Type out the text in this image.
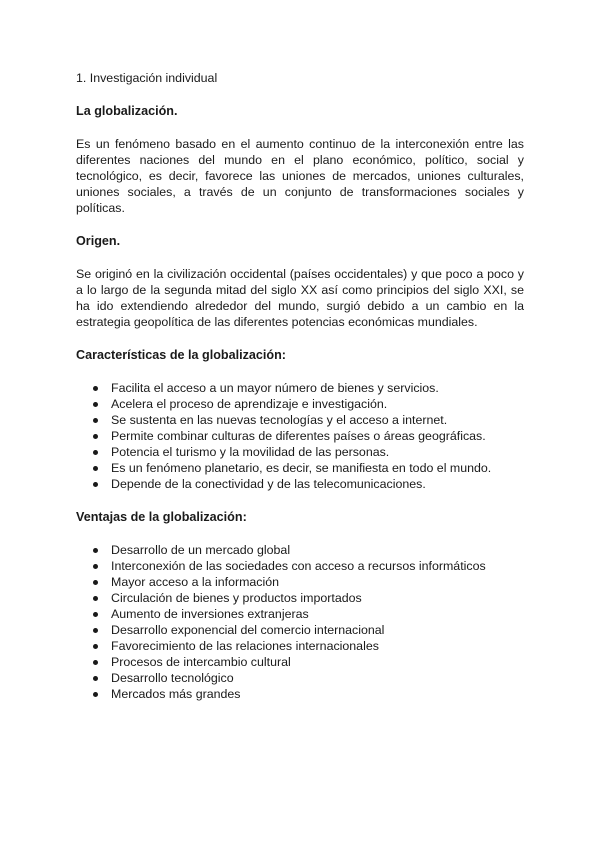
1. Investigación individual

La globalización.

Es un fenómeno basado en el aumento continuo de la interconexión entre las diferentes naciones del mundo en el plano económico, político, social y tecnológico, es decir, favorece las uniones de mercados, uniones culturales, uniones sociales, a través de un conjunto de transformaciones sociales y políticas.

Origen.

Se originó en la civilización occidental (países occidentales) y que poco a poco y a lo largo de la segunda mitad del siglo XX así como principios del siglo XXI, se ha ido extendiendo alrededor del mundo, surgió debido a un cambio en la estrategia geopolítica de las diferentes potencias económicas mundiales.

Características de la globalización:
Facilita el acceso a un mayor número de bienes y servicios.
Acelera el proceso de aprendizaje e investigación.
Se sustenta en las nuevas tecnologías y el acceso a internet.
Permite combinar culturas de diferentes países o áreas geográficas.
Potencia el turismo y la movilidad de las personas.
Es un fenómeno planetario, es decir, se manifiesta en todo el mundo.
Depende de la conectividad y de las telecomunicaciones.
Ventajas de la globalización:
Desarrollo de un mercado global
Interconexión de las sociedades con acceso a recursos informáticos
Mayor acceso a la información
Circulación de bienes y productos importados
Aumento de inversiones extranjeras
Desarrollo exponencial del comercio internacional
Favorecimiento de las relaciones internacionales
Procesos de intercambio cultural
Desarrollo tecnológico
Mercados más grandes
